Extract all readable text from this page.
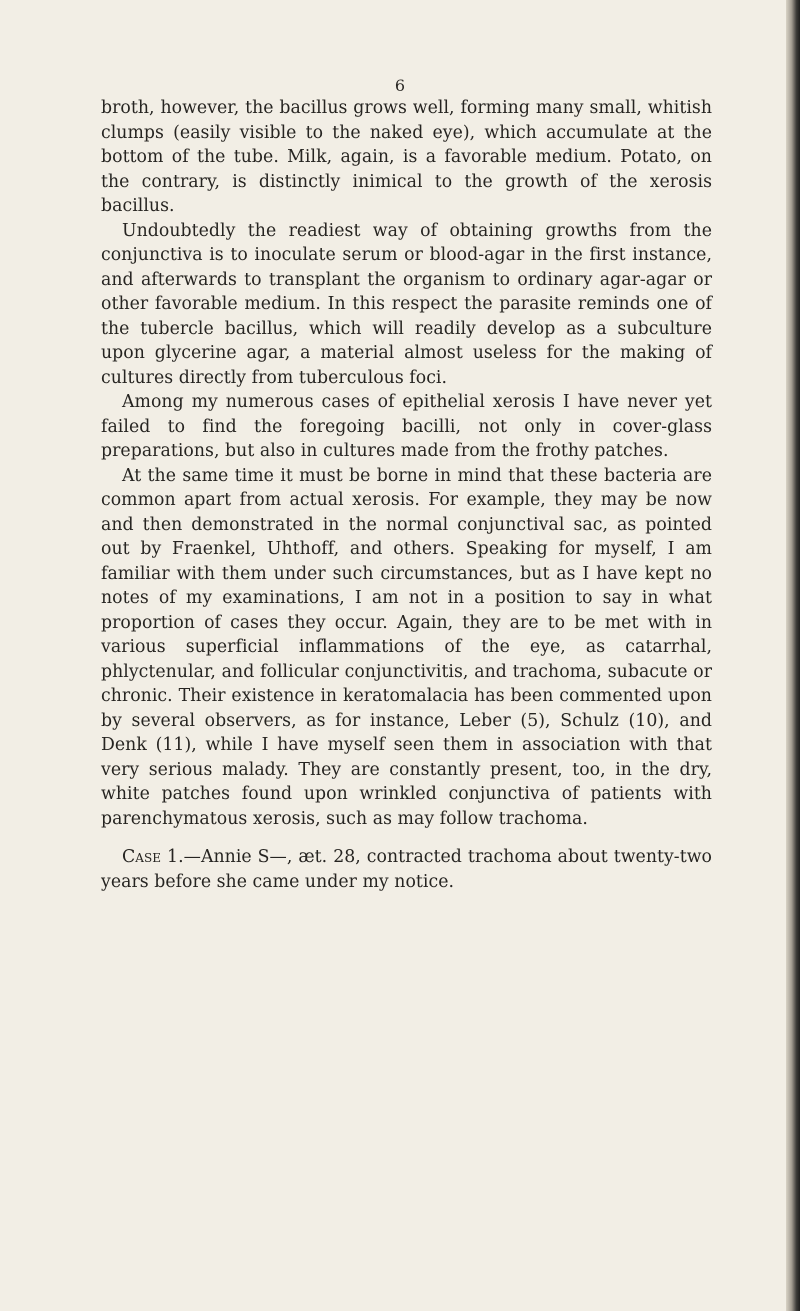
6

broth, however, the bacillus grows well, forming many small, whitish clumps (easily visible to the naked eye), which accumulate at the bottom of the tube. Milk, again, is a favorable medium. Potato, on the contrary, is distinctly inimical to the growth of the xerosis bacillus.

Undoubtedly the readiest way of obtaining growths from the conjunctiva is to inoculate serum or blood-agar in the first instance, and afterwards to transplant the organism to ordinary agar-agar or other favorable medium. In this respect the parasite reminds one of the tubercle bacillus, which will readily develop as a subculture upon glycerine agar, a material almost useless for the making of cultures directly from tuberculous foci.

Among my numerous cases of epithelial xerosis I have never yet failed to find the foregoing bacilli, not only in cover-glass preparations, but also in cultures made from the frothy patches.

At the same time it must be borne in mind that these bacteria are common apart from actual xerosis. For example, they may be now and then demonstrated in the normal conjunctival sac, as pointed out by Fraenkel, Uhthoff, and others. Speaking for myself, I am familiar with them under such circumstances, but as I have kept no notes of my examinations, I am not in a position to say in what proportion of cases they occur. Again, they are to be met with in various superficial inflammations of the eye, as catarrhal, phlyctenular, and follicular conjunctivitis, and trachoma, subacute or chronic. Their existence in keratomalacia has been commented upon by several observers, as for instance, Leber (5), Schulz (10), and Denk (11), while I have myself seen them in association with that very serious malady. They are constantly present, too, in the dry, white patches found upon wrinkled conjunctiva of patients with parenchymatous xerosis, such as may follow trachoma.

Case 1.—Annie S—, æt. 28, contracted trachoma about twenty-two years before she came under my notice.
